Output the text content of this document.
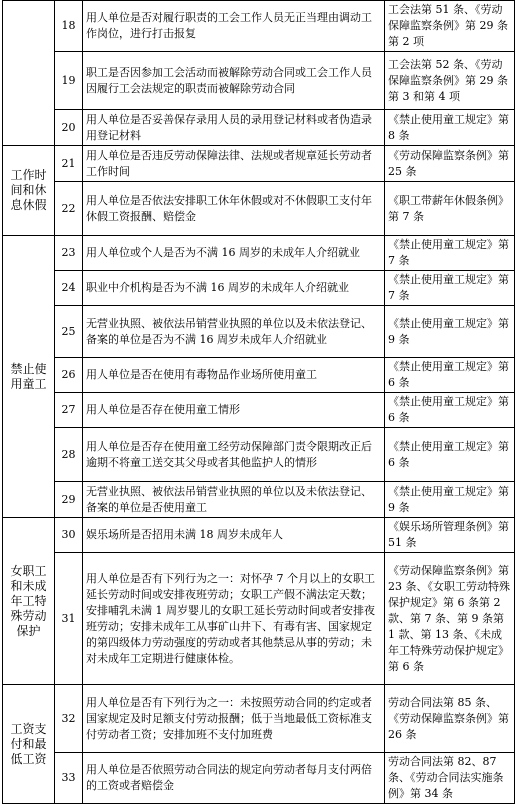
	18	用人单位是否对履行职责的工会工作人员无正当理由调动工作岗位，进行打击报复	工会法第 51 条、《劳动保障监察条例》第 29 条第 2 项
	19	职工是否因参加工会活动而被解除劳动合同或工会工作人员因履行工会法规定的职责而被解除劳动合同	工会法第 52 条、《劳动保障监察条例》第 29 条第 3 和第 4 项
	20	用人单位是否妥善保存录用人员的录用登记材料或者伪造录用登记材料	《禁止使用童工规定》第 8 条
工作时间和休息休假	21	用人单位是否违反劳动保障法律、法规或者规章延长劳动者工作时间	《劳动保障监察条例》第 25 条
	22	用人单位是否依法安排职工休年休假或对不休假职工支付年休假工资报酬、赔偿金	《职工带薪年休假条例》第 7 条
禁止使用童工	23	用人单位或个人是否为不满 16 周岁的未成年人介绍就业	《禁止使用童工规定》第 7 条
	24	职业中介机构是否为不满 16 周岁的未成年人介绍就业	《禁止使用童工规定》第 7 条
	25	无营业执照、被依法吊销营业执照的单位以及未依法登记、备案的单位是否为不满 16 周岁未成年人介绍就业	《禁止使用童工规定》第 9 条
	26	用人单位是否在使用有毒物品作业场所使用童工	《禁止使用童工规定》第 6 条
	27	用人单位是否存在使用童工情形	《禁止使用童工规定》第 6 条
	28	用人单位是否存在使用童工经劳动保障部门责令限期改正后逾期不将童工送交其父母或者其他监护人的情形	《禁止使用童工规定》第 6 条
	29	无营业执照、被依法吊销营业执照的单位以及未依法登记、备案的单位是否使用童工	《禁止使用童工规定》第 9 条
女职工和未成年工特殊劳动保护	30	娱乐场所是否招用未满 18 周岁未成年人	《娱乐场所管理条例》第 51 条
	31	用人单位是否有下列行为之一：对怀孕 7 个月以上的女职工延长劳动时间或安排夜班劳动；女职工产假不满法定天数；安排哺乳未满 1 周岁婴儿的女职工延长劳动时间或者安排夜班劳动；安排未成年工从事矿山井下、有毒有害、国家规定的第四级体力劳动强度的劳动或者其他禁忌从事的劳动；未对未成年工定期进行健康体检。	《劳动保障监察条例》第 23 条、《女职工劳动特殊保护规定》第 6 条第 2 款、第 7 条、第 9 条第 1 款、第 13 条、《未成年工特殊劳动保护规定》第 6 条
工资支付和最低工资	32	用人单位是否有下列行为之一：未按照劳动合同的约定或者国家规定及时足额支付劳动报酬；低于当地最低工资标准支付劳动者工资；安排加班不支付加班费	劳动合同法第 85 条、《劳动保障监察条例》第 26 条
	33	用人单位是否依照劳动合同法的规定向劳动者每月支付两倍的工资或者赔偿金	劳动合同法第 82、87 条、《劳动合同法实施条例》第 34 条
